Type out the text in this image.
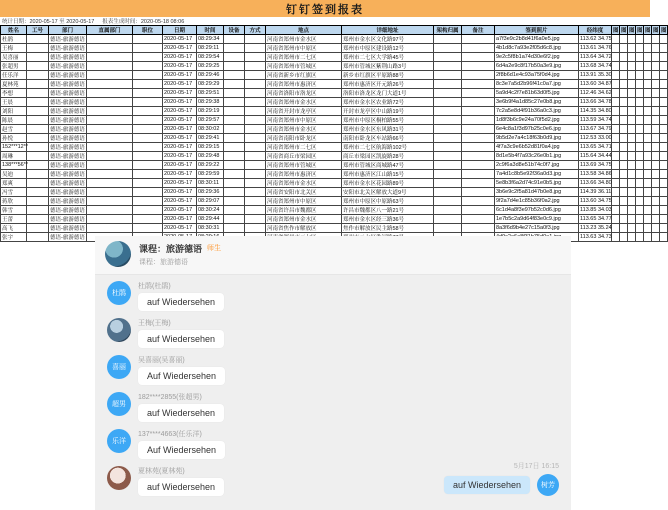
钉钉签到报表
统计日期：2020-05-17 至 2020-05-17 报表生成时间：2020-05-18 08:06
姓名	工号	部门	直属部门	职位	日期	时间	设备	方式	地点	详细地址	架构归属	备注	签到照片	经纬度	图	图	图	图	图	图	图
杜鹃		德语-旅游德语			2020-05-17	08:29:34			河南省郑州市金水区	郑州市金水区文化路97号			a7f3e9c2b8d41f6a0e5.jpg	113.62 34.75							
王梅		德语-旅游德语			2020-05-17	08:29:11			河南省郑州市中原区	郑州市中原区建设路12号			4b1d8c7a93e2f05d6c8.jpg	113.61 34.76							
吴喜丽		德语-旅游德语			2020-05-17	08:29:54			河南省郑州市二七区	郑州市二七区大学路45号			9e2c5f8b1a74d30e6f2.jpg	113.64 34.72							
张超男		德语-旅游德语			2020-05-17	08:29:25			河南省郑州市管城区	郑州市管城区紫荆山路3号			6d4a2e9c8f17b50a3e9.jpg	113.68 34.74							
任乐洋		德语-旅游德语			2020-05-17	08:29:46			河南省新乡市红旗区	新乡市红旗区平原路88号			2f8b6d1e4c93a75f0d4.jpg	113.91 35.30							
夏林苑		德语-旅游德语			2020-05-17	08:29:29			河南省郑州市惠济区	郑州市惠济区开元路26号			8c3e7a5d2b96f41c0a7.jpg	113.60 34.87							
李想		德语-旅游德语			2020-05-17	08:29:51			河南省洛阳市洛龙区	洛阳市洛龙区龙门大道1号			5a9d4c2f7e81b63d0f5.jpg	112.46 34.62							
王晨		德语-旅游德语			2020-05-17	08:29:38			河南省郑州市金水区	郑州市金水区农业路72号			3e6b9f4a1d85c27e0b8.jpg	113.66 34.78							
刘阳		德语-旅游德语			2020-05-17	08:29:19			河南省开封市龙亭区	开封市龙亭区中山路19号			7c2a5e8d4f91b36a0c3.jpg	114.35 34.80							
陈晨		德语-旅游德语			2020-05-17	08:29:57			河南省郑州市中原区	郑州市中原区桐柏路55号			1d8f3b6c9e24a70f5d2.jpg	113.59 34.74							
赵雪		德语-旅游德语			2020-05-17	08:30:02			河南省郑州市金水区	郑州市金水区东风路31号			6e4c8a1f3d97b25c0e6.jpg	113.67 34.79							
孙悦		德语-旅游德语			2020-05-17	08:29:41			河南省南阳市卧龙区	南阳市卧龙区车站路66号			9b5d2e7a4c18f63b0d9.jpg	112.53 33.00							
152***12**		德语-旅游德语			2020-05-17	08:29:15			河南省郑州市二七区	郑州市二七区航海路102号			4f7a3c9e6b52d81f0a4.jpg	113.65 34.71							
周琳		德语-旅游德语			2020-05-17	08:29:48			河南省商丘市梁园区	商丘市梁园区凯旋路28号			8d1e5b4f7a93c26e0b1.jpg	115.64 34.44							
138***56**		德语-旅游德语			2020-05-17	08:29:22			河南省郑州市管城区	郑州市管城区商城路47号			2c9f6a3d8e51b74c0f7.jpg	113.69 34.75							
吴迪		德语-旅游德语			2020-05-17	08:29:59			河南省郑州市惠济区	郑州市惠济区江山路15号			7a4d1c8b5e92f36a0d3.jpg	113.58 34.86							
郑爽		德语-旅游德语			2020-05-17	08:30:11			河南省郑州市金水区	郑州市金水区花园路89号			5e8b3f6a2d74c91e0b5.jpg	113.66 34.80							
冯雪		德语-旅游德语			2020-05-17	08:29:36			河南省安阳市北关区	安阳市北关区解放大道9号			3b6e9c2f5a81d47b0e8.jpg	114.39 36.11							
蒋欣		德语-旅游德语			2020-05-17	08:29:07			河南省郑州市中原区	郑州市中原区中原路63号			9f2a7d4e1c85b36f0a2.jpg	113.60 34.75							
韩雪		德语-旅游德语			2020-05-17	08:30:24			河南省许昌市魏都区	许昌市魏都区八一路21号			6c1d4a8f3e97b52c0d6.jpg	113.85 34.03							
王蕾		德语-旅游德语			2020-05-17	08:29:44			河南省郑州市金水区	郑州市金水区经三路36号			1e7b5c2a9d64f83e0c9.jpg	113.65 34.77							
高飞		德语-旅游德语			2020-05-17	08:30:31			河南省焦作市解放区	焦作市解放区民主路58号			8a3f6d9b4e27c15a0f3.jpg	113.23 35.24							
张宇		德语-旅游德语												113.63 34.73							
课程：旅游德语 师生
课程：旅游德语
杜鹃
杜鹃(杜鹃)
auf Wiedersehen
王梅(王梅)
auf Wiedersehen
喜丽
吴喜丽(吴喜丽)
Auf Wiedersehen
超男
182****2855(张超男)
auf Wiedersehen
乐洋
137****4663(任乐洋)
Auf Wiedersehen
夏林苑(夏林苑)
auf Wiedersehen
5月17日 16:15
auf Wiedersehen	树芳
